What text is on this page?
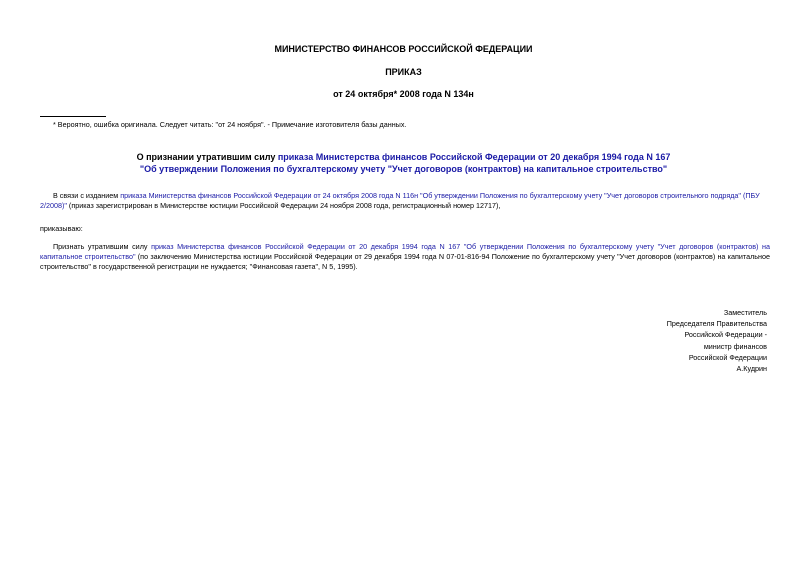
МИНИСТЕРСТВО ФИНАНСОВ РОССИЙСКОЙ ФЕДЕРАЦИИ
ПРИКАЗ
от 24 октября* 2008 года N 134н
* Вероятно, ошибка оригинала. Следует читать: "от 24 ноября". - Примечание изготовителя базы данных.
О признании утратившим силу приказа Министерства финансов Российской Федерации от 20 декабря 1994 года N 167
"Об утверждении Положения по бухгалтерскому учету "Учет договоров (контрактов) на капитальное строительство"

В связи с изданием приказа Министерства финансов Российской Федерации от 24 октября 2008 года N 116н "Об утверждении Положения по бухгалтерскому учету "Учет договоров строительного подряда" (ПБУ 2/2008)" (приказ зарегистрирован в Министерстве юстиции Российской Федерации 24 ноября 2008 года, регистрационный номер 12717),

приказываю:

Признать утратившим силу приказ Министерства финансов Российской Федерации от 20 декабря 1994 года N 167 "Об утверждении Положения по бухгалтерскому учету "Учет договоров (контрактов) на капитальное строительство" (по заключению Министерства юстиции Российской Федерации от 29 декабря 1994 года N 07-01-816-94 Положение по бухгалтерскому учету "Учет договоров (контрактов) на капитальное строительство" в государственной регистрации не нуждается; "Финансовая газета", N 5, 1995).

Заместитель
Председателя Правительства
Российской Федерации -
министр финансов
Российской Федерации
А.Кудрин
